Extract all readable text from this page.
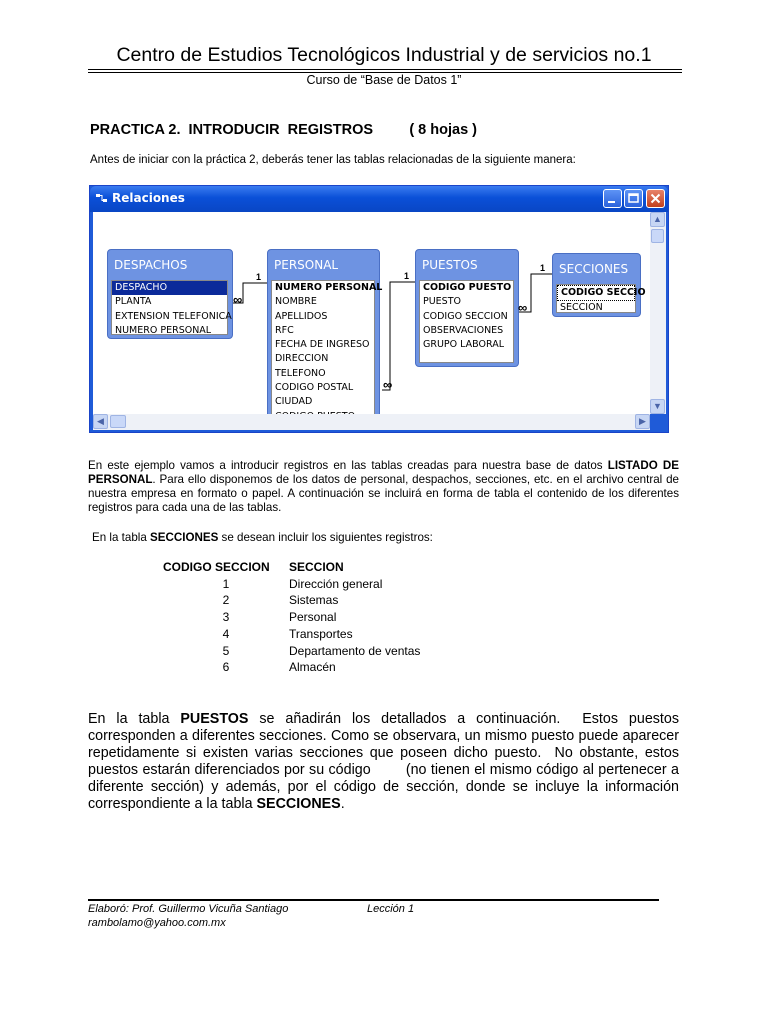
Centro de Estudios Tecnológicos Industrial y de servicios no.1
Curso de “Base de Datos 1”
PRACTICA 2.  INTRODUCIR  REGISTROS	( 8 hojas )
Antes de iniciar con la práctica 2, deberás tener las tablas relacionadas de la siguiente manera:
Relaciones
DESPACHOS
DESPACHO
PLANTA
EXTENSION TELEFONICA
NUMERO PERSONAL
PERSONAL
NUMERO PERSONAL
NOMBRE
APELLIDOS
RFC
FECHA DE INGRESO
DIRECCION
TELEFONO
CODIGO POSTAL
CIUDAD
PUESTOS
CODIGO PUESTO
PUESTO
CODIGO SECCION
OBSERVACIONES
GRUPO LABORAL
SECCIONES
CODIGO SECCIO
SECCION
1
∞
1
∞
1
∞
▲
▼
◀	▶

En este ejemplo vamos a introducir registros en las tablas creadas para nuestra base de datos LISTADO DE PERSONAL. Para ello disponemos de los datos de personal, despachos, secciones, etc. en el archivo central de nuestra empresa en formato o papel. A continuación se incluirá en forma de tabla el contenido de los diferentes registros para cada una de las tablas.

En la tabla SECCIONES se desean incluir los siguientes registros:
CODIGO SECCION	SECCION
1	Dirección general
2	Sistemas
3	Personal
4	Transportes
5	Departamento de ventas
6	Almacén

En la tabla PUESTOS se añadirán los detallados a continuación.  Estos puestos corresponden a diferentes secciones. Como se observara, un mismo puesto puede aparecer repetidamente si existen varias secciones que poseen dicho puesto.  No obstante, estos puestos estarán diferenciados por su código        (no tienen el mismo código al pertenecer a diferente sección) y además, por el código de sección, donde se incluye la información correspondiente a la tabla SECCIONES.

Elaboró: Prof. Guillermo Vicuña Santiago	Lección 1
rambolamo@yahoo.com.mx
